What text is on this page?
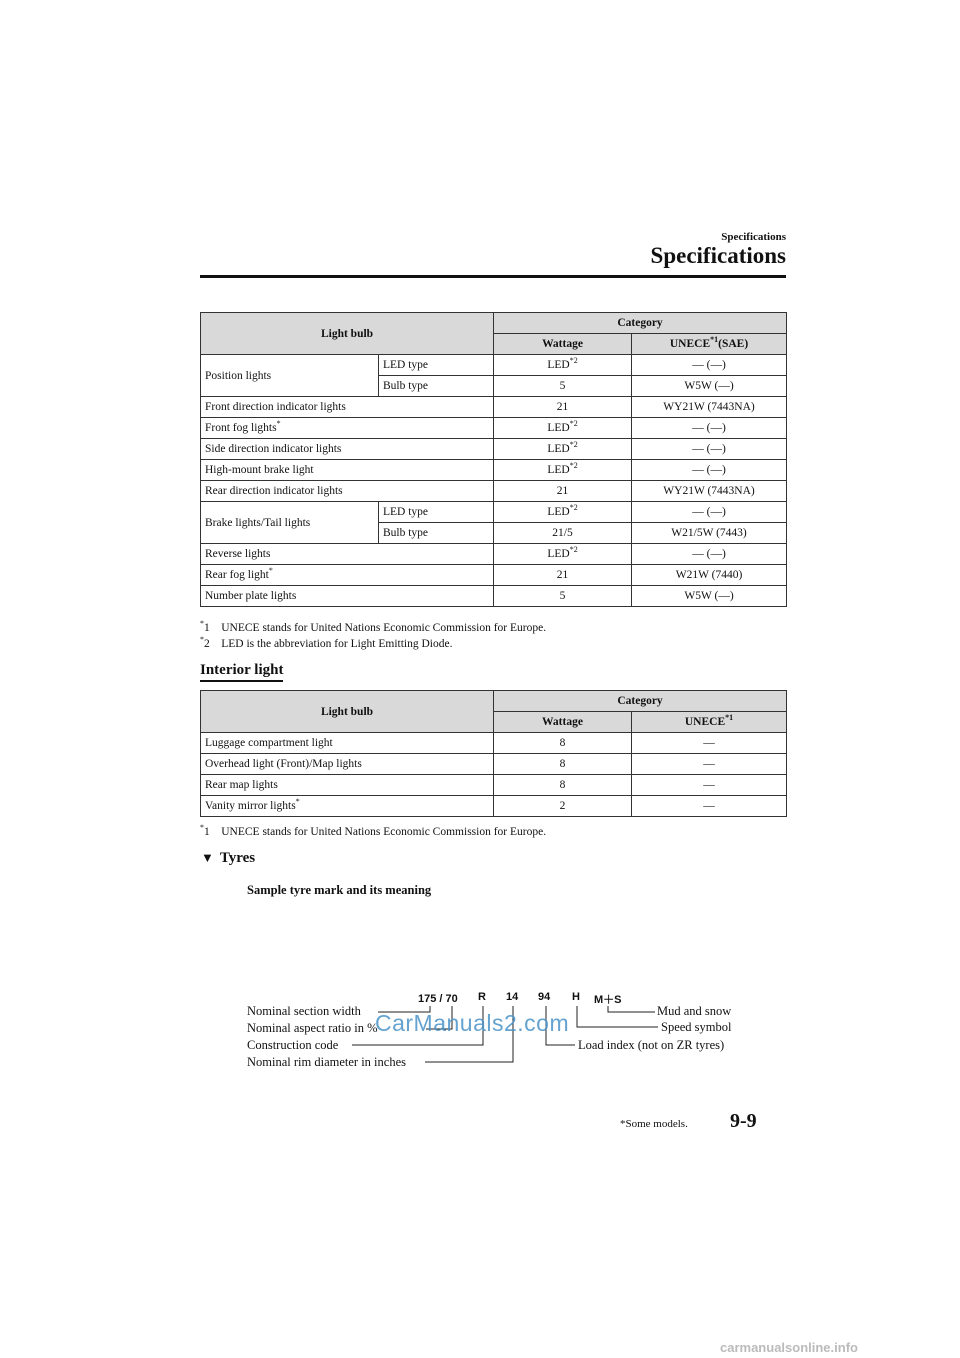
Specifications
Specifications
Light bulb		Category	
		Wattage	UNECE$^{*1}$(SAE)
Position lights	LED type	LED$^{*2}$	— (—)
	Bulb type	5	W5W (—)
Front direction indicator lights		21	WY21W (7443NA)
Front fog lights*		LED$^{*2}$	— (—)
Side direction indicator lights		LED$^{*2}$	— (—)
High-mount brake light		LED$^{*2}$	— (—)
Rear direction indicator lights		21	WY21W (7443NA)
Brake lights/Tail lights	LED type	LED$^{*2}$	— (—)
	Bulb type	21/5	W21/5W (7443)
Reverse lights		LED$^{*2}$	— (—)
Rear fog light*		21	W21W (7440)
Number plate lights		5	W5W (—)
*1 UNECE stands for United Nations Economic Commission for Europe.
*2 LED is the abbreviation for Light Emitting Diode.
Interior light
Light bulb	Category	
	Wattage	UNECE$^{*1}$
Luggage compartment light	8	—
Overhead light (Front)/Map lights	8	—
Rear map lights	8	—
Vanity mirror lights*	2	—
*1 UNECE stands for United Nations Economic Commission for Europe.
▼ Tyres
Sample tyre mark and its meaning
175 / 70 R 14 94 H M＋S
Nominal section width
Nominal aspect ratio in %
Construction code
Nominal rim diameter in inches
Mud and snow
Speed symbol
Load index (not on ZR tyres)
CarManuals2.com
*Some models. 9-9
carmanualsonline.info
